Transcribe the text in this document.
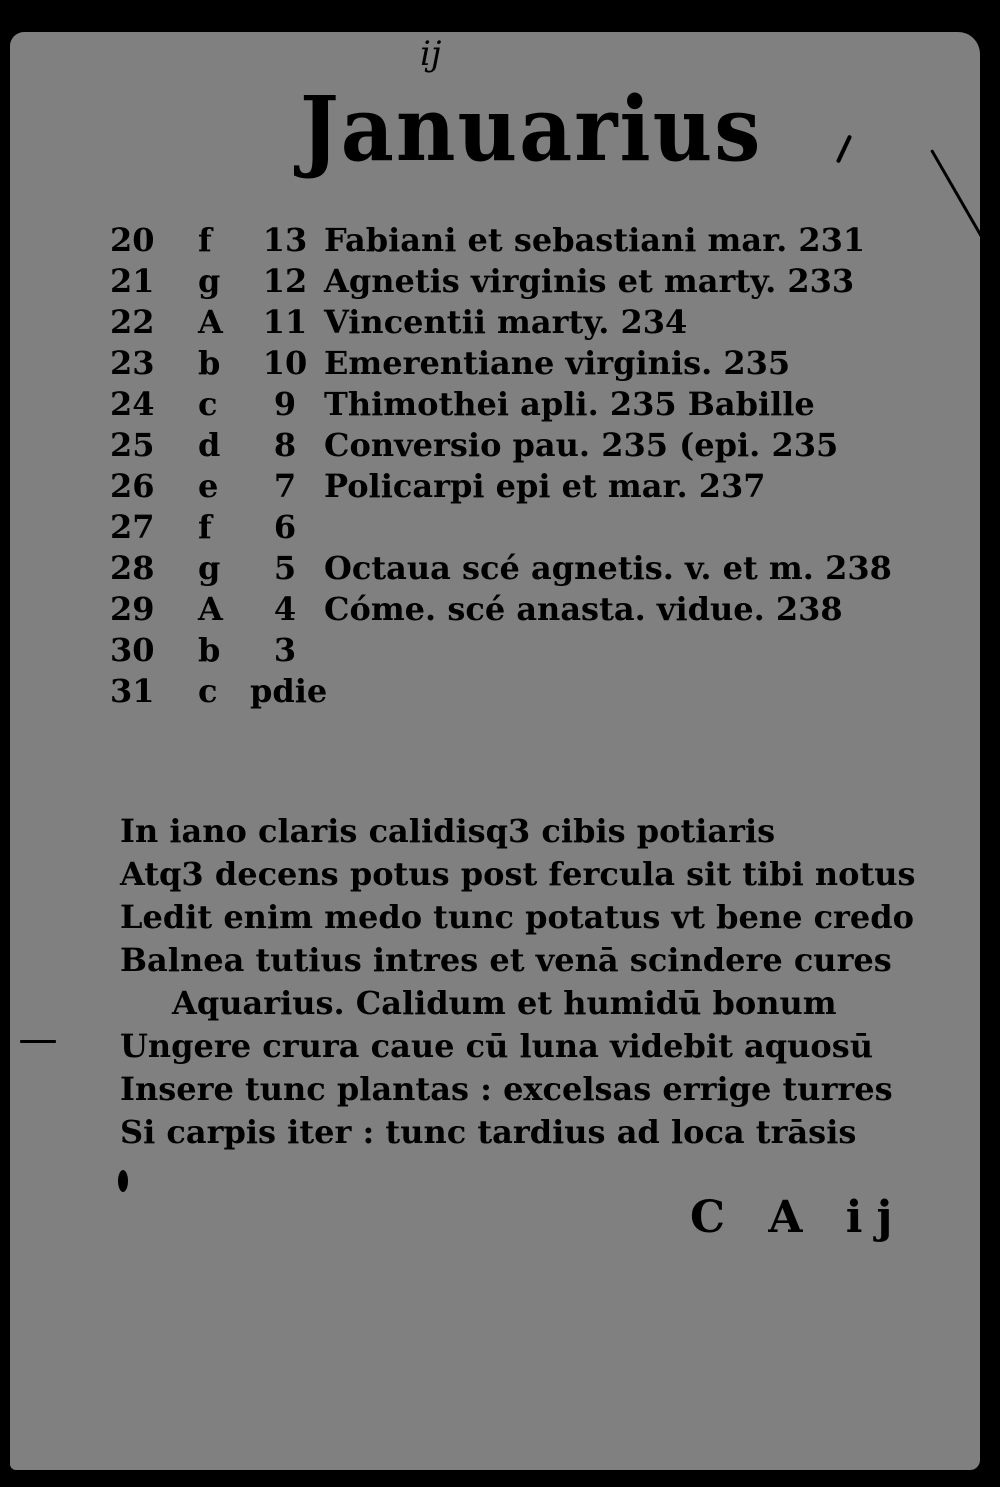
ij
Januarius
20	f	13 Fabiani et sebastiani mar. 231
21	g	12 Agnetis virginis et marty. 233
22	A	11 Vincentii marty. 234
23	b	10 Emerentiane virginis. 235
24	c	9 Thimothei apli. 235 Babille
25	d	8 Conversio pau. 235 (epi. 235
26	e	7 Policarpi epi et mar. 237
27	f	6
28	g	5 Octaua scé agnetis. v. et m. 238
29	A	4 Cóme. scé anasta. vidue. 238
30	b	3
31	c	pdie
In iano claris calidisq3 cibis potiaris
Atq3 decens potus post fercula sit tibi notus
Ledit enim medo tunc potatus vt bene credo
Balnea tutius intres et venā scindere cures
Aquarius. Calidum et humidū bonum
Ungere crura caue cū luna videbit aquosū
Insere tunc plantas : excelsas errige turres
Si carpis iter : tunc tardius ad loca trāsis
C A ij
